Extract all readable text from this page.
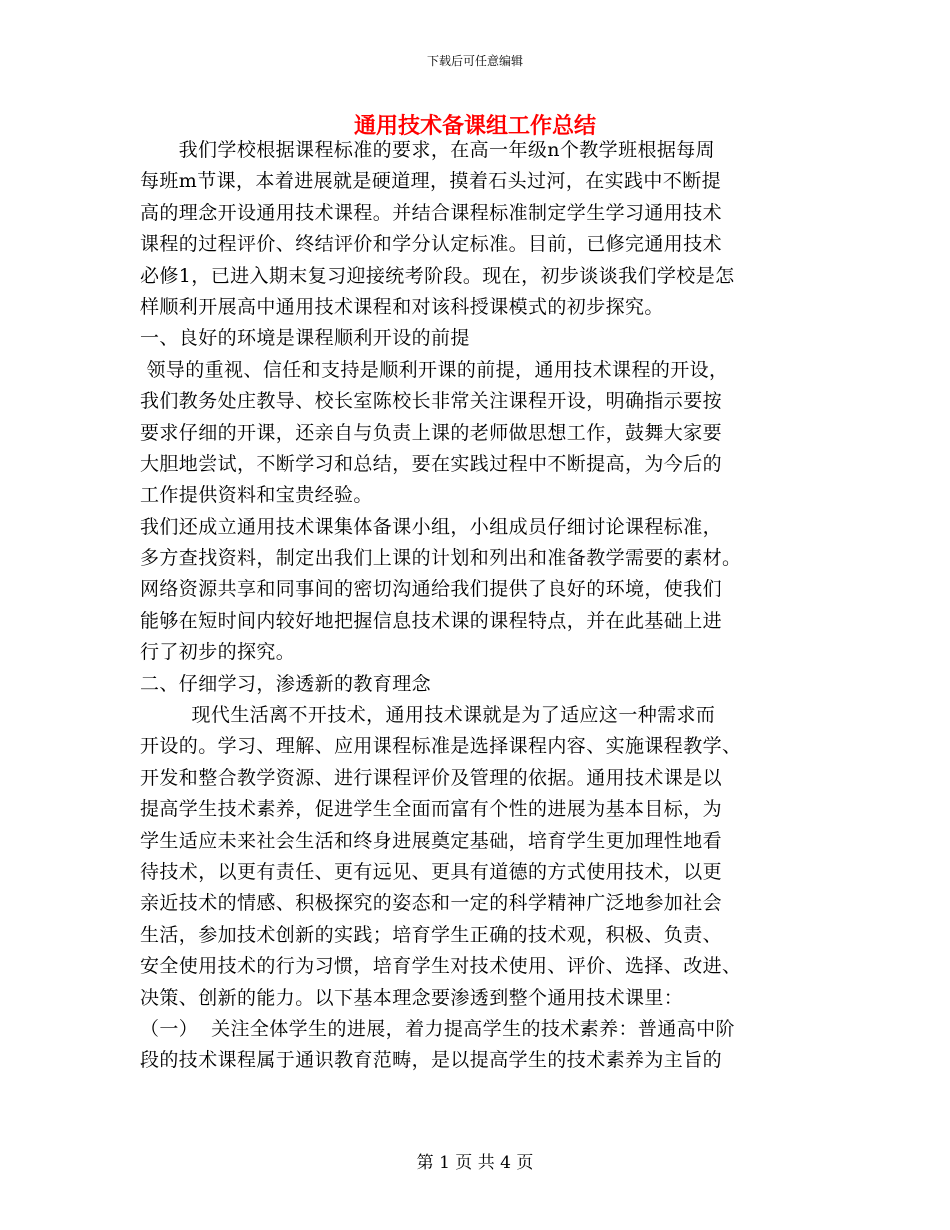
下载后可任意编辑
通用技术备课组工作总结
我们学校根据课程标准的要求，在高一年级n个教学班根据每周
每班m节课，本着进展就是硬道理，摸着石头过河，在实践中不断提
高的理念开设通用技术课程。并结合课程标准制定学生学习通用技术
课程的过程评价、终结评价和学分认定标准。目前，已修完通用技术
必修1，已进入期末复习迎接统考阶段。现在，初步谈谈我们学校是怎
样顺利开展高中通用技术课程和对该科授课模式的初步探究。
一、良好的环境是课程顺利开设的前提
领导的重视、信任和支持是顺利开课的前提，通用技术课程的开设，
我们教务处庄教导、校长室陈校长非常关注课程开设，明确指示要按
要求仔细的开课，还亲自与负责上课的老师做思想工作，鼓舞大家要
大胆地尝试，不断学习和总结，要在实践过程中不断提高，为今后的
工作提供资料和宝贵经验。
我们还成立通用技术课集体备课小组，小组成员仔细讨论课程标准，
多方查找资料，制定出我们上课的计划和列出和准备教学需要的素材。
网络资源共享和同事间的密切沟通给我们提供了良好的环境，使我们
能够在短时间内较好地把握信息技术课的课程特点，并在此基础上进
行了初步的探究。
二、仔细学习，渗透新的教育理念
现代生活离不开技术，通用技术课就是为了适应这一种需求而
开设的。学习、理解、应用课程标准是选择课程内容、实施课程教学、
开发和整合教学资源、进行课程评价及管理的依据。通用技术课是以
提高学生技术素养，促进学生全面而富有个性的进展为基本目标，为
学生适应未来社会生活和终身进展奠定基础，培育学生更加理性地看
待技术，以更有责任、更有远见、更具有道德的方式使用技术，以更
亲近技术的情感、积极探究的姿态和一定的科学精神广泛地参加社会
生活，参加技术创新的实践；培育学生正确的技术观，积极、负责、
安全使用技术的行为习惯，培育学生对技术使用、评价、选择、改进、
决策、创新的能力。以下基本理念要渗透到整个通用技术课里：
（一）  关注全体学生的进展，着力提高学生的技术素养：普通高中阶
段的技术课程属于通识教育范畴，是以提高学生的技术素养为主旨的
第 1 页 共 4 页
